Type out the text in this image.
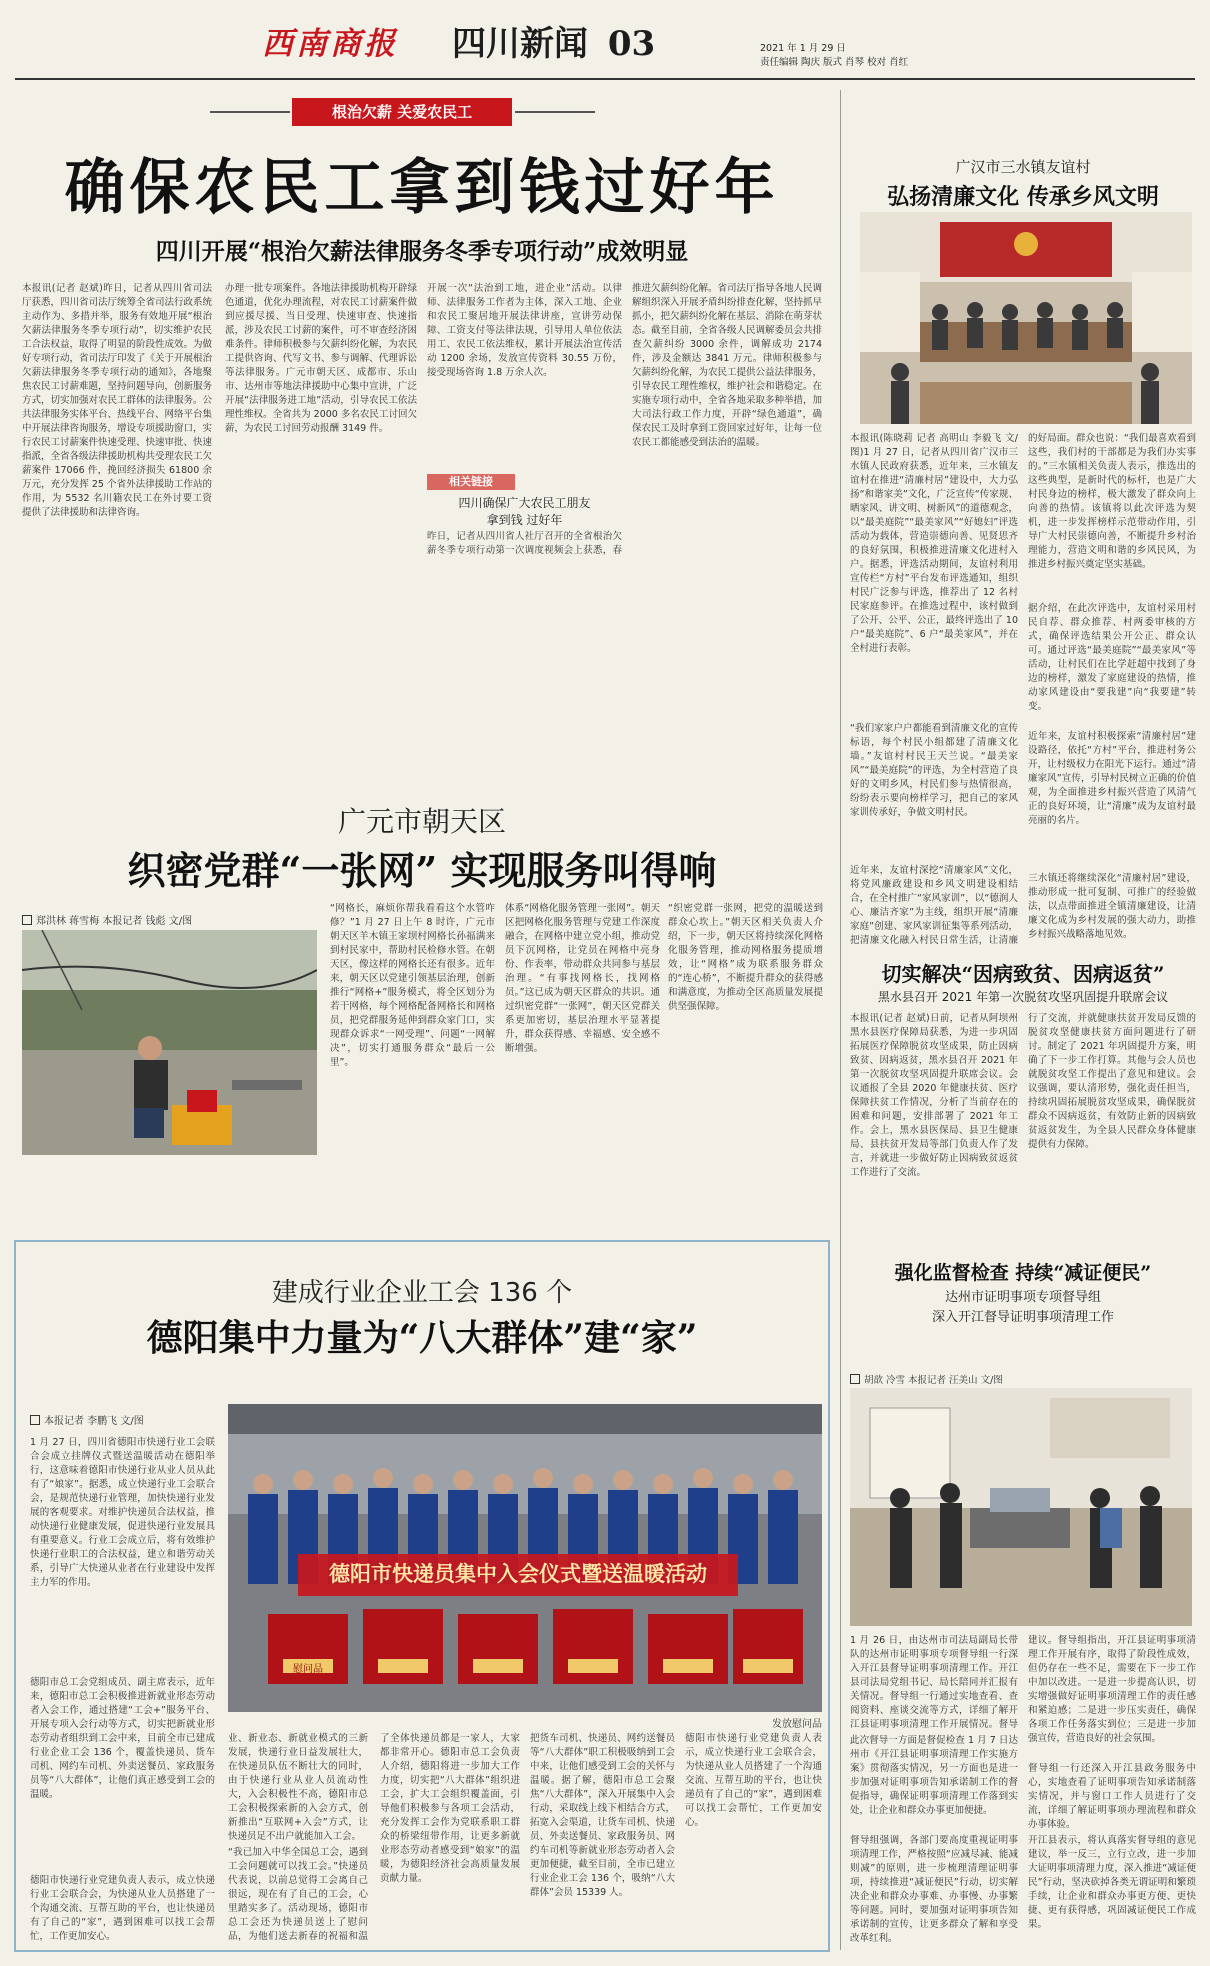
西南商报 四川新闻 03	2021 年 1 月 29 日
责任编辑 陶庆 版式 肖琴 校对 肖红
根治欠薪 关爱农民工
确保农民工拿到钱过好年
四川开展“根治欠薪法律服务冬季专项行动”成效明显
本报讯(记者 赵斌)昨日，记者从四川省司法厅获悉，四川省司法厅统筹全省司法行政系统主动作为、多措并举，服务有效地开展“根治欠薪法律服务冬季专项行动”，切实维护农民工合法权益，取得了明显的阶段性成效。为做好专项行动，省司法厅印发了《关于开展根治欠薪法律服务冬季专项行动的通知》，各地聚焦农民工讨薪难题，坚持问题导向，创新服务方式，切实加强对农民工群体的法律服务。公共法律服务实体平台、热线平台、网络平台集中开展法律咨询服务，增设专项援助窗口，实行农民工讨薪案件快速受理、快速审批、快速指派，全省各级法律援助机构共受理农民工欠薪案件 17066 件，挽回经济损失 61800 余万元，充分发挥 25 个省外法律援助工作站的作用，为 5532 名川籍农民工在外讨要工资提供了法律援助和法律咨询。
办理一批专项案件。各地法律援助机构开辟绿色通道，优化办理流程，对农民工讨薪案件做到应援尽援、当日受理、快速审查、快速指派，涉及农民工讨薪的案件，可不审查经济困难条件。律师积极参与欠薪纠纷化解，为农民工提供咨询、代写文书、参与调解、代理诉讼等法律服务。广元市朝天区、成都市、乐山市、达州市等地法律援助中心集中宣讲，广泛开展“法律服务进工地”活动，引导农民工依法理性维权。全省共为 2000 多名农民工讨回欠薪，为农民工讨回劳动报酬 3149 件。
开展一次“法治到工地，进企业”活动。以律师、法律服务工作者为主体，深入工地、企业和农民工聚居地开展法律讲座，宣讲劳动保障、工资支付等法律法规，引导用人单位依法用工、农民工依法维权，累计开展法治宣传活动 1200 余场，发放宣传资料 30.55 万份，接受现场咨询 1.8 万余人次。
推进欠薪纠纷化解。省司法厅指导各地人民调解组织深入开展矛盾纠纷排查化解，坚持抓早抓小，把欠薪纠纷化解在基层、消除在萌芽状态。截至目前，全省各级人民调解委员会共排查欠薪纠纷 3000 余件，调解成功 2174 件，涉及金额达 3841 万元。律师积极参与欠薪纠纷化解，为农民工提供公益法律服务，引导农民工理性维权，维护社会和谐稳定。在实施专项行动中，全省各地采取多种举措，加大司法行政工作力度，开辟“绿色通道”，确保农民工及时拿到工资回家过好年，让每一位农民工都能感受到法治的温暖。
相关链接
四川确保广大农民工朋友
拿到钱 过好年
昨日，记者从四川省人社厅召开的全省根治欠薪冬季专项行动第一次调度视频会上获悉，春
广汉市三水镇友谊村
弘扬清廉文化 传承乡风文明
本报讯(陈晓莉 记者 高明山 李毅飞 文/图)1 月 27 日，记者从四川省广汉市三水镇人民政府获悉，近年来，三水镇友谊村在推进“清廉村居”建设中，大力弘扬“和谐家美”文化，广泛宣传“传家规、晒家风、讲文明、树新风”的道德观念，以“最美庭院”“最美家风”“好媳妇”评选活动为载体，营造崇德向善、见贤思齐的良好氛围，积极推进清廉文化进村入户。据悉，评选活动期间，友谊村利用宣传栏“方村”平台发布评选通知，组织村民广泛参与评选，推荐出了 12 名村民家庭参评。在推选过程中，该村做到了公开、公平、公正，最终评选出了 10 户“最美庭院”、6 户“最美家风”，并在全村进行表彰。
“我们家家户户都能看到清廉文化的宣传标语，每个村民小组都建了清廉文化墙。”友谊村村民王天兰说。“最美家风”“最美庭院”的评选，为全村营造了良好的文明乡风，村民们参与热情很高，纷纷表示要向榜样学习，把自己的家风家训传承好，争做文明村民。
近年来，友谊村深挖“清廉家风”文化，将党风廉政建设和乡风文明建设相结合，在全村推广“家风家训”，以“德润人心、廉洁齐家”为主线，组织开展“清廉家庭”创建、家风家训征集等系列活动，把清廉文化融入村民日常生活，让清廉
的好局面。群众也说：“我们最喜欢看到这些，我们村的干部都是为我们办实事的。”三水镇相关负责人表示，推选出的这些典型，是新时代的标杆，也是广大村民身边的榜样，极大激发了群众向上向善的热情。该镇将以此次评选为契机，进一步发挥榜样示范带动作用，引导广大村民崇德向善，不断提升乡村治理能力，营造文明和谐的乡风民风，为推进乡村振兴奠定坚实基础。
据介绍，在此次评选中，友谊村采用村民自荐、群众推荐、村两委审核的方式，确保评选结果公开公正、群众认可。通过评选“最美庭院”“最美家风”等活动，让村民们在比学赶超中找到了身边的榜样，激发了家庭建设的热情，推动家风建设由“要我建”向“我要建”转变。
近年来，友谊村积极探索“清廉村居”建设路径，依托“方村”平台，推进村务公开，让村级权力在阳光下运行。通过“清廉家风”宣传，引导村民树立正确的价值观，为全面推进乡村振兴营造了风清气正的良好环境，让“清廉”成为友谊村最亮丽的名片。
三水镇还将继续深化“清廉村居”建设，推动形成一批可复制、可推广的经验做法，以点带面推进全镇清廉建设，让清廉文化成为乡村发展的强大动力，助推乡村振兴战略落地见效。
广元市朝天区
织密党群“一张网” 实现服务叫得响
郑洪林 蒋雪梅 本报记者 钱彪 文/图
“网格长，麻烦你帮我看看这个水管咋修？”1 月 27 日上午 8 时许，广元市朝天区羊木镇王家坝村网格长孙福满来到村民家中，帮助村民检修水管。在朝天区，像这样的网格长还有很多。近年来，朝天区以党建引领基层治理，创新推行“网格+”服务模式，将全区划分为若干网格，每个网格配备网格长和网格员，把党群服务延伸到群众家门口，实现群众诉求“一网受理”、问题“一网解决”，切实打通服务群众“最后一公里”。
体系“网格化服务管理一张网”。朝天区把网格化服务管理与党建工作深度融合，在网格中建立党小组，推动党员下沉网格，让党员在网格中亮身份、作表率，带动群众共同参与基层治理。“有事找网格长，找网格员。”这已成为朝天区群众的共识。通过织密党群“一张网”，朝天区党群关系更加密切，基层治理水平显著提升，群众获得感、幸福感、安全感不断增强。
“织密党群一张网，把党的温暖送到群众心坎上。”朝天区相关负责人介绍，下一步，朝天区将持续深化网格化服务管理，推动网格服务提质增效，让“网格”成为联系服务群众的“连心桥”，不断提升群众的获得感和满意度，为推动全区高质量发展提供坚强保障。
切实解决“因病致贫、因病返贫”
黑水县召开 2021 年第一次脱贫攻坚巩固提升联席会议
本报讯(记者 赵斌)日前，记者从阿坝州黑水县医疗保障局获悉，为进一步巩固拓展医疗保障脱贫攻坚成果，防止因病致贫、因病返贫，黑水县召开 2021 年第一次脱贫攻坚巩固提升联席会议。会议通报了全县 2020 年健康扶贫、医疗保障扶贫工作情况，分析了当前存在的困难和问题，安排部署了 2021 年工作。会上，黑水县医保局、县卫生健康局、县扶贫开发局等部门负责人作了发言，并就进一步做好防止因病致贫返贫工作进行了交流。
行了交流，并就健康扶贫开发局反馈的脱贫攻坚健康扶贫方面问题进行了研讨。制定了 2021 年巩固提升方案，明确了下一步工作打算。其他与会人员也就脱贫攻坚工作提出了意见和建议。会议强调，要认清形势，强化责任担当，持续巩固拓展脱贫攻坚成果，确保脱贫群众不因病返贫，有效防止新的因病致贫返贫发生，为全县人民群众身体健康提供有力保障。
强化监督检查 持续“减证便民”
达州市证明事项专项督导组
深入开江督导证明事项清理工作
胡歆 冷雪 本报记者 汪美山 文/图
1 月 26 日，由达州市司法局副局长带队的达州市证明事项专项督导组一行深入开江县督导证明事项清理工作。开江县司法局党组书记、局长陪同并汇报有关情况。督导组一行通过实地查看、查阅资料、座谈交流等方式，详细了解开江县证明事项清理工作开展情况。督导
此次督导一方面是督促检查 1 月 7 日达州市《开江县证明事项清理工作实施方案》贯彻落实情况，另一方面也是进一步加强对证明事项告知承诺制工作的督促指导，确保证明事项清理工作落到实处，让企业和群众办事更加便捷。
督导组强调，各部门要高度重视证明事项清理工作，严格按照“应减尽减、能减则减”的原则，进一步梳理清理证明事项，持续推进“减证便民”行动，切实解决企业和群众办事难、办事慢、办事繁等问题。同时，要加强对证明事项告知承诺制的宣传，让更多群众了解和享受改革红利。
建议。督导组指出，开江县证明事项清理工作开展有序，取得了阶段性成效，但仍存在一些不足，需要在下一步工作中加以改进。一是进一步提高认识，切实增强做好证明事项清理工作的责任感和紧迫感；二是进一步压实责任，确保各项工作任务落实到位；三是进一步加强宣传，营造良好的社会氛围。
督导组一行还深入开江县政务服务中心，实地查看了证明事项告知承诺制落实情况，并与窗口工作人员进行了交流，详细了解证明事项办理流程和群众办事体验。
开江县表示，将认真落实督导组的意见建议，举一反三，立行立改，进一步加大证明事项清理力度，深入推进“减证便民”行动，坚决砍掉各类无谓证明和繁琐手续，让企业和群众办事更方便、更快捷、更有获得感，巩固减证便民工作成果。
建成行业企业工会 136 个
德阳集中力量为“八大群体”建“家”
本报记者 李鹏飞 文/图
1 月 27 日，四川省德阳市快递行业工会联合会成立挂牌仪式暨送温暖活动在德阳举行，这意味着德阳市快递行业从业人员从此有了“娘家”。据悉，成立快递行业工会联合会，是规范快递行业管理，加快快递行业发展的客观要求。对维护快递员合法权益，推动快递行业健康发展，促进快递行业发展具有重要意义。行业工会成立后，将有效维护快递行业职工的合法权益，建立和谐劳动关系，引导广大快递从业者在行业建设中发挥主力军的作用。
德阳市总工会党组成员、副主席表示，近年来，德阳市总工会积极推进新就业形态劳动者入会工作，通过搭建“工会+”服务平台、开展专项入会行动等方式，切实把新就业形态劳动者组织到工会中来，目前全市已建成行业企业工会 136 个，覆盖快递员、货车司机、网约车司机、外卖送餐员、家政服务员等“八大群体”，让他们真正感受到工会的温暖。
德阳市快递行业党建负责人表示，成立快递行业工会联合会，为快递从业人员搭建了一个沟通交流、互帮互助的平台，也让快递员有了自己的“家”，遇到困难可以找工会帮忙，工作更加安心。
德阳市快递员集中入会仪式暨送温暖活动
慰问品
发放慰问品
业、新业态、新就业模式的三新发展，快递行业日益发展壮大，在快递员队伍不断壮大的同时，由于快递行业从业人员流动性大，入会积极性不高，德阳市总工会积极探索新的入会方式，创新推出“互联网+入会”方式，让快递员足不出户就能加入工会。
“我已加入中华全国总工会，遇到工会问题就可以找工会。”快递员代表说，以前总觉得工会离自己很远，现在有了自己的工会，心里踏实多了。活动现场，德阳市总工会还为快递员送上了慰问品，为他们送去新春的祝福和温
了全体快递员都是一家人，大家都非常开心。德阳市总工会负责人介绍，德阳将进一步加大工作力度，切实把“八大群体”组织进工会，扩大工会组织覆盖面，引导他们积极参与各项工会活动，充分发挥工会作为党联系职工群众的桥梁纽带作用，让更多新就业形态劳动者感受到“娘家”的温暖，为德阳经济社会高质量发展贡献力量。
把货车司机、快递员、网约送餐员等“八大群体”职工积极吸纳到工会中来，让他们感受到工会的关怀与温暖。据了解，德阳市总工会聚焦“八大群体”，深入开展集中入会行动，采取线上线下相结合方式，拓宽入会渠道，让货车司机、快递员、外卖送餐员、家政服务员、网约车司机等新就业形态劳动者入会更加便捷，截至目前，全市已建立行业企业工会 136 个，吸纳“八大群体”会员 15339 人。
德阳市快递行业党建负责人表示，成立快递行业工会联合会，为快递从业人员搭建了一个沟通交流、互帮互助的平台，也让快递员有了自己的“家”，遇到困难可以找工会帮忙，工作更加安心。
